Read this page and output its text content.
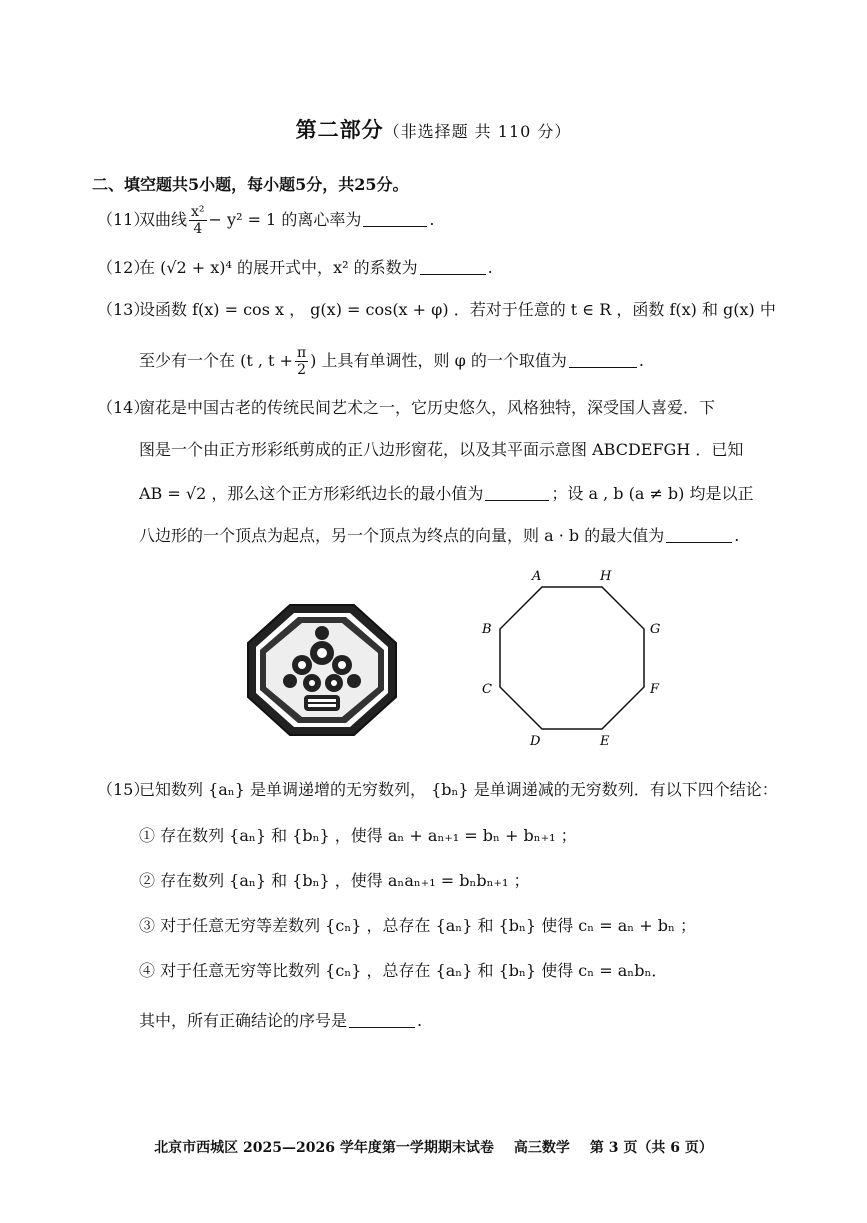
第二部分（非选择题 共 110 分）
二、填空题共5小题，每小题5分，共25分。
（11）双曲线 $\frac{\text{x²}}{4} - y^2 = 1$ 的离心率为	.
（12）在 (√2 + x)⁴ 的展开式中，x² 的系数为	.
（13）设函数 f(x) = cos x ， g(x) = cos(x + φ) ．若对于任意的 t ∈ R ，函数 f(x) 和 g(x) 中
至少有一个在 (t , $t + \frac{\pi}{2}$ ) 上具有单调性，则 φ 的一个取值为	.
（14）窗花是中国古老的传统民间艺术之一，它历史悠久，风格独特，深受国人喜爱．下
图是一个由正方形彩纸剪成的正八边形窗花，以及其平面示意图 ABCDEFGH ．已知
AB = √2 ，那么这个正方形彩纸边长的最小值为	；设 a , b (a ≠ b) 均是以正
八边形的一个顶点为起点，另一个顶点为终点的向量，则 a · b 的最大值为	.
A	H
B	G
C	F
D	E
（15）已知数列 {aₙ} 是单调递增的无穷数列， {bₙ} 是单调递减的无穷数列．有以下四个结论：
① 存在数列 {aₙ} 和 {bₙ} ，使得 aₙ + aₙ₊₁ = bₙ + bₙ₊₁ ；
② 存在数列 {aₙ} 和 {bₙ} ，使得 aₙaₙ₊₁ = bₙbₙ₊₁ ；
③ 对于任意无穷等差数列 {cₙ} ，总存在 {aₙ} 和 {bₙ} 使得 cₙ = aₙ + bₙ ；
④ 对于任意无穷等比数列 {cₙ} ，总存在 {aₙ} 和 {bₙ} 使得 cₙ = aₙbₙ．
其中，所有正确结论的序号是	.
北京市西城区 2025—2026 学年度第一学期期末试卷 高三数学 第 3 页（共 6 页）
